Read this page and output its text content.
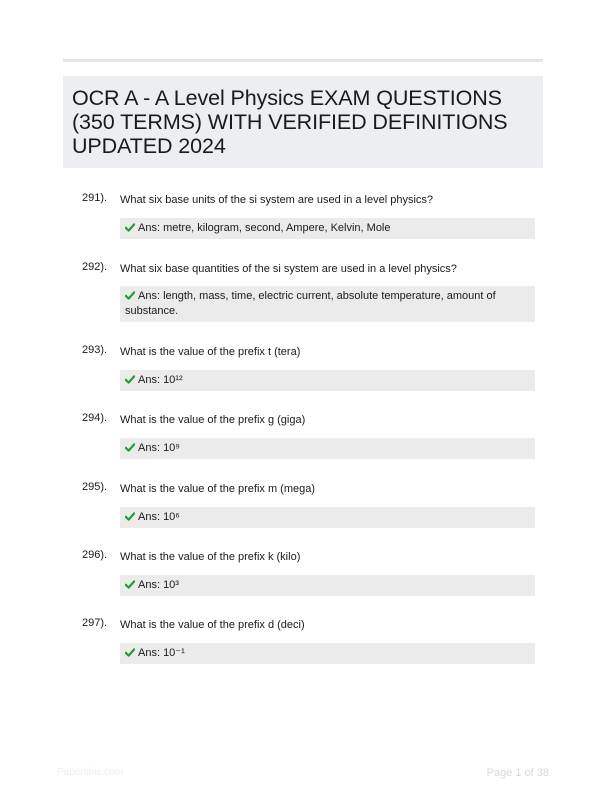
OCR A - A Level Physics EXAM QUESTIONS (350 TERMS) WITH VERIFIED DEFINITIONS UPDATED 2024
291). What six base units of the si system are used in a level physics?
Ans: metre, kilogram, second, Ampere, Kelvin, Mole
292). What six base quantities of the si system are used in a level physics?
Ans: length, mass, time, electric current, absolute temperature, amount of substance.
293). What is the value of the prefix t (tera)
Ans: 10¹²
294). What is the value of the prefix g (giga)
Ans: 10⁹
295). What is the value of the prefix m (mega)
Ans: 10⁶
296). What is the value of the prefix k (kilo)
Ans: 10³
297). What is the value of the prefix d (deci)
Ans: 10⁻¹
Papertibic.com	Page 1 of 38
